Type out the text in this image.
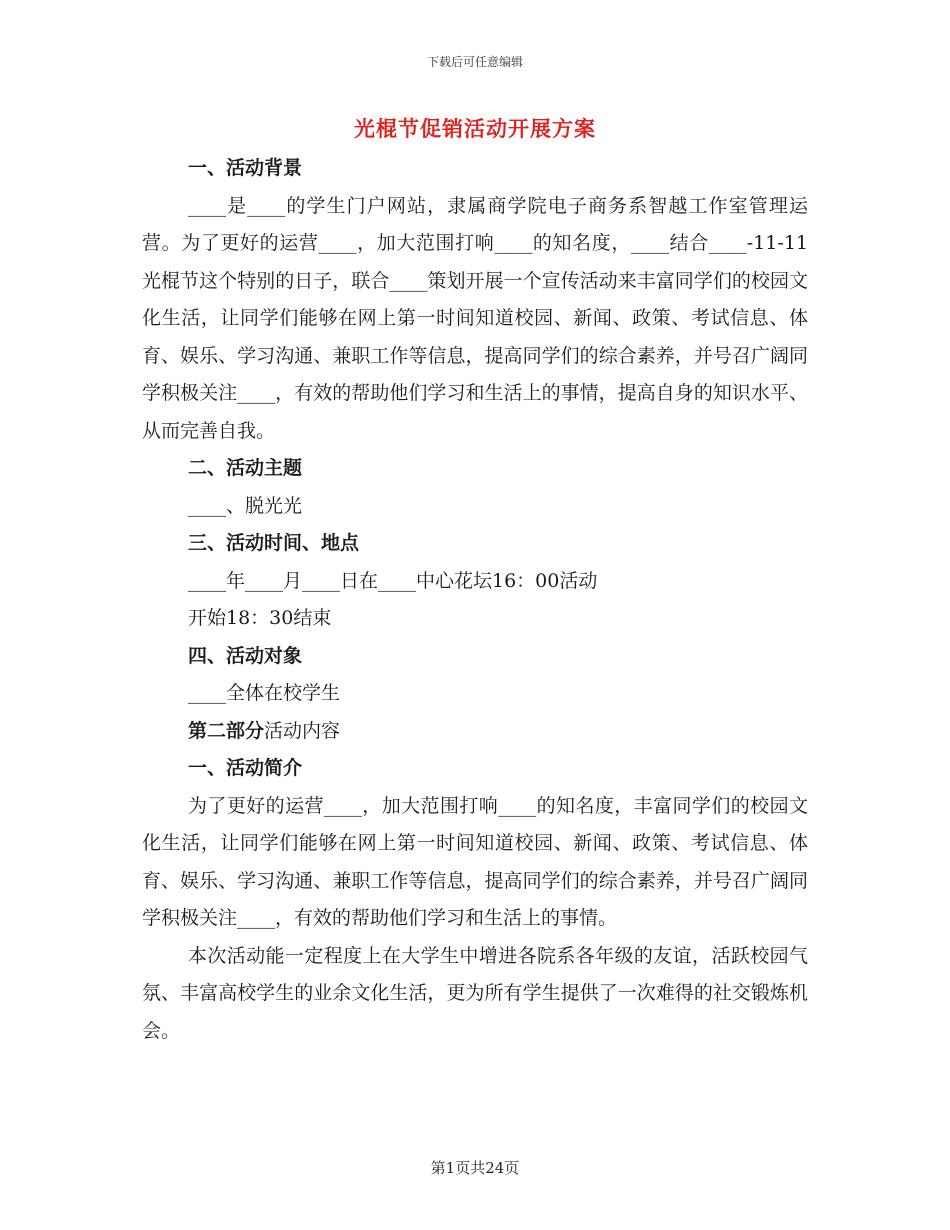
下载后可任意编辑
光棍节促销活动开展方案

一、活动背景

____是____的学生门户网站，隶属商学院电子商务系智越工作室管理运营。为了更好的运营____，加大范围打响____的知名度，____结合____-11-11光棍节这个特别的日子，联合____策划开展一个宣传活动来丰富同学们的校园文化生活，让同学们能够在网上第一时间知道校园、新闻、政策、考试信息、体育、娱乐、学习沟通、兼职工作等信息，提高同学们的综合素养，并号召广阔同学积极关注____，有效的帮助他们学习和生活上的事情，提高自身的知识水平、从而完善自我。

二、活动主题

____、脱光光

三、活动时间、地点

____年____月____日在____中心花坛16：00活动

开始18：30结束

四、活动对象

____全体在校学生

第二部分活动内容

一、活动简介

为了更好的运营____，加大范围打响____的知名度，丰富同学们的校园文化生活，让同学们能够在网上第一时间知道校园、新闻、政策、考试信息、体育、娱乐、学习沟通、兼职工作等信息，提高同学们的综合素养，并号召广阔同学积极关注____，有效的帮助他们学习和生活上的事情。

本次活动能一定程度上在大学生中增进各院系各年级的友谊，活跃校园气氛、丰富高校学生的业余文化生活，更为所有学生提供了一次难得的社交锻炼机会。

第1页共24页
